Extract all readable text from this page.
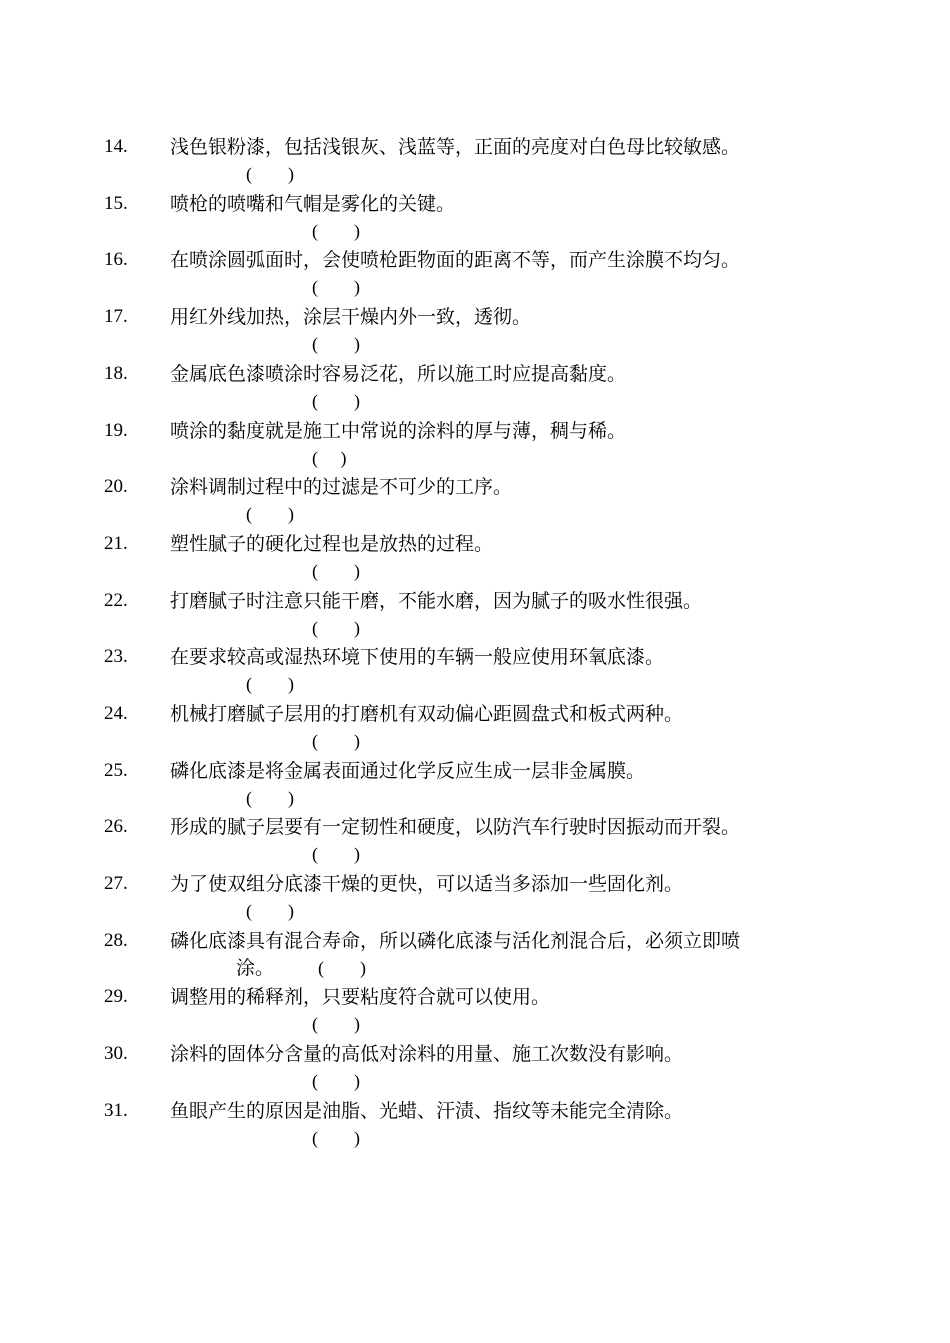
14. 浅色银粉漆，包括浅银灰、浅蓝等，正面的亮度对白色母比较敏感。
(        )
15. 喷枪的喷嘴和气帽是雾化的关键。
(        )
16. 在喷涂圆弧面时，会使喷枪距物面的距离不等，而产生涂膜不均匀。
(        )
17. 用红外线加热，涂层干燥内外一致，透彻。
(        )
18. 金属底色漆喷涂时容易泛花，所以施工时应提高黏度。
(        )
19. 喷涂的黏度就是施工中常说的涂料的厚与薄，稠与稀。
(     )
20. 涂料调制过程中的过滤是不可少的工序。
(        )
21. 塑性腻子的硬化过程也是放热的过程。
(        )
22. 打磨腻子时注意只能干磨，不能水磨，因为腻子的吸水性很强。
(        )
23. 在要求较高或湿热环境下使用的车辆一般应使用环氧底漆。
(        )
24. 机械打磨腻子层用的打磨机有双动偏心距圆盘式和板式两种。
(        )
25. 磷化底漆是将金属表面通过化学反应生成一层非金属膜。
(        )
26. 形成的腻子层要有一定韧性和硬度，以防汽车行驶时因振动而开裂。
(        )
27. 为了使双组分底漆干燥的更快，可以适当多添加一些固化剂。
(        )
28. 磷化底漆具有混合寿命，所以磷化底漆与活化剂混合后，必须立即喷
涂。 (        )
29. 调整用的稀释剂，只要粘度符合就可以使用。
(        )
30. 涂料的固体分含量的高低对涂料的用量、施工次数没有影响。
(        )
31. 鱼眼产生的原因是油脂、光蜡、汗渍、指纹等未能完全清除。
(        )
